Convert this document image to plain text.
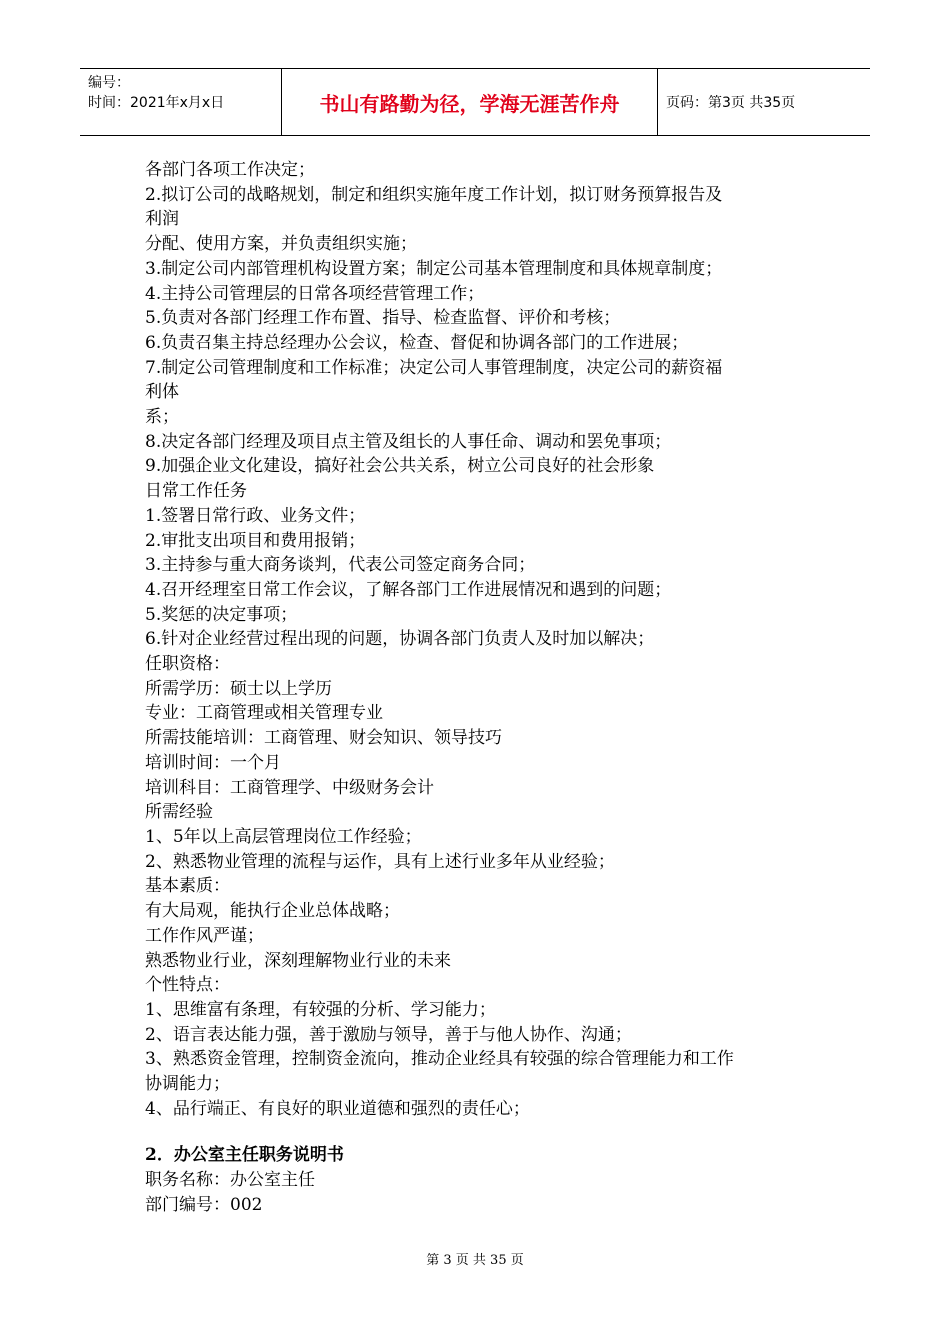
编号：
时间：2021年x月x日	书山有路勤为径，学海无涯苦作舟	页码：第3页 共35页

各部门各项工作决定；

2.拟订公司的战略规划，制定和组织实施年度工作计划，拟订财务预算报告及

利润

分配、使用方案，并负责组织实施；

3.制定公司内部管理机构设置方案；制定公司基本管理制度和具体规章制度；

4.主持公司管理层的日常各项经营管理工作；

5.负责对各部门经理工作布置、指导、检查监督、评价和考核；

6.负责召集主持总经理办公会议，检查、督促和协调各部门的工作进展；

7.制定公司管理制度和工作标准；决定公司人事管理制度，决定公司的薪资福

利体

系；

8.决定各部门经理及项目点主管及组长的人事任命、调动和罢免事项；

9.加强企业文化建设，搞好社会公共关系，树立公司良好的社会形象

日常工作任务

1.签署日常行政、业务文件；

2.审批支出项目和费用报销；

3.主持参与重大商务谈判，代表公司签定商务合同；

4.召开经理室日常工作会议，了解各部门工作进展情况和遇到的问题；

5.奖惩的决定事项；

6.针对企业经营过程出现的问题，协调各部门负责人及时加以解决；

任职资格：

所需学历：硕士以上学历

专业：工商管理或相关管理专业

所需技能培训：工商管理、财会知识、领导技巧

培训时间：一个月

培训科目：工商管理学、中级财务会计

所需经验

1、5年以上高层管理岗位工作经验；

2、熟悉物业管理的流程与运作，具有上述行业多年从业经验；

基本素质：

有大局观，能执行企业总体战略；

工作作风严谨；

熟悉物业行业，深刻理解物业行业的未来

个性特点：

1、思维富有条理，有较强的分析、学习能力；

2、语言表达能力强，善于激励与领导，善于与他人协作、沟通；

3、熟悉资金管理，控制资金流向，推动企业经具有较强的综合管理能力和工作

协调能力；

4、品行端正、有良好的职业道德和强烈的责任心；

2．办公室主任职务说明书

职务名称：办公室主任

部门编号：002

第 3 页 共 35 页
